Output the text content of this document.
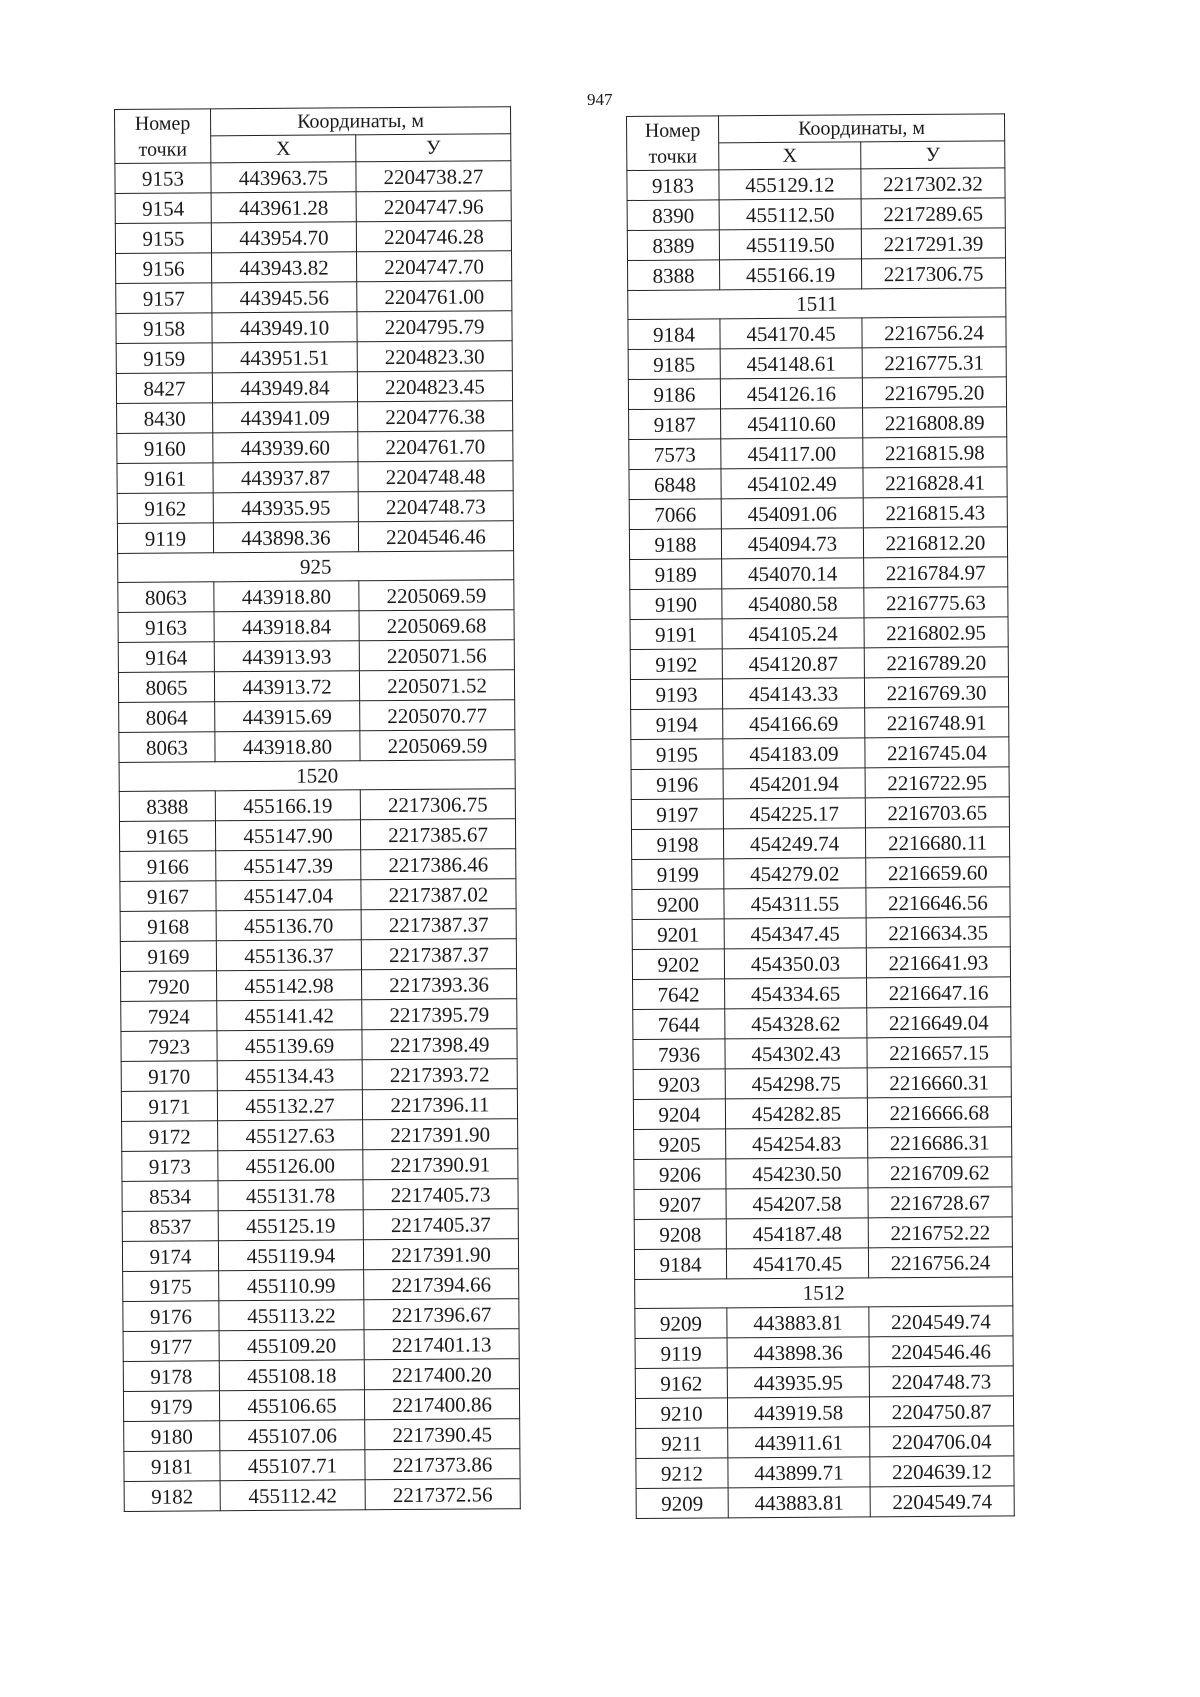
947
Номер точки	Координаты, м	
	X	У
9153	443963.75	2204738.27
9154	443961.28	2204747.96
9155	443954.70	2204746.28
9156	443943.82	2204747.70
9157	443945.56	2204761.00
9158	443949.10	2204795.79
9159	443951.51	2204823.30
8427	443949.84	2204823.45
8430	443941.09	2204776.38
9160	443939.60	2204761.70
9161	443937.87	2204748.48
9162	443935.95	2204748.73
9119	443898.36	2204546.46
925		
8063	443918.80	2205069.59
9163	443918.84	2205069.68
9164	443913.93	2205071.56
8065	443913.72	2205071.52
8064	443915.69	2205070.77
8063	443918.80	2205069.59
1520		
8388	455166.19	2217306.75
9165	455147.90	2217385.67
9166	455147.39	2217386.46
9167	455147.04	2217387.02
9168	455136.70	2217387.37
9169	455136.37	2217387.37
7920	455142.98	2217393.36
7924	455141.42	2217395.79
7923	455139.69	2217398.49
9170	455134.43	2217393.72
9171	455132.27	2217396.11
9172	455127.63	2217391.90
9173	455126.00	2217390.91
8534	455131.78	2217405.73
8537	455125.19	2217405.37
9174	455119.94	2217391.90
9175	455110.99	2217394.66
9176	455113.22	2217396.67
9177	455109.20	2217401.13
9178	455108.18	2217400.20
9179	455106.65	2217400.86
9180	455107.06	2217390.45
9181	455107.71	2217373.86
9182	455112.42	2217372.56
Номер точки	Координаты, м	
	X	У
9183	455129.12	2217302.32
8390	455112.50	2217289.65
8389	455119.50	2217291.39
8388	455166.19	2217306.75
1511		
9184	454170.45	2216756.24
9185	454148.61	2216775.31
9186	454126.16	2216795.20
9187	454110.60	2216808.89
7573	454117.00	2216815.98
6848	454102.49	2216828.41
7066	454091.06	2216815.43
9188	454094.73	2216812.20
9189	454070.14	2216784.97
9190	454080.58	2216775.63
9191	454105.24	2216802.95
9192	454120.87	2216789.20
9193	454143.33	2216769.30
9194	454166.69	2216748.91
9195	454183.09	2216745.04
9196	454201.94	2216722.95
9197	454225.17	2216703.65
9198	454249.74	2216680.11
9199	454279.02	2216659.60
9200	454311.55	2216646.56
9201	454347.45	2216634.35
9202	454350.03	2216641.93
7642	454334.65	2216647.16
7644	454328.62	2216649.04
7936	454302.43	2216657.15
9203	454298.75	2216660.31
9204	454282.85	2216666.68
9205	454254.83	2216686.31
9206	454230.50	2216709.62
9207	454207.58	2216728.67
9208	454187.48	2216752.22
9184	454170.45	2216756.24
1512		
9209	443883.81	2204549.74
9119	443898.36	2204546.46
9162	443935.95	2204748.73
9210	443919.58	2204750.87
9211	443911.61	2204706.04
9212	443899.71	2204639.12
9209	443883.81	2204549.74
